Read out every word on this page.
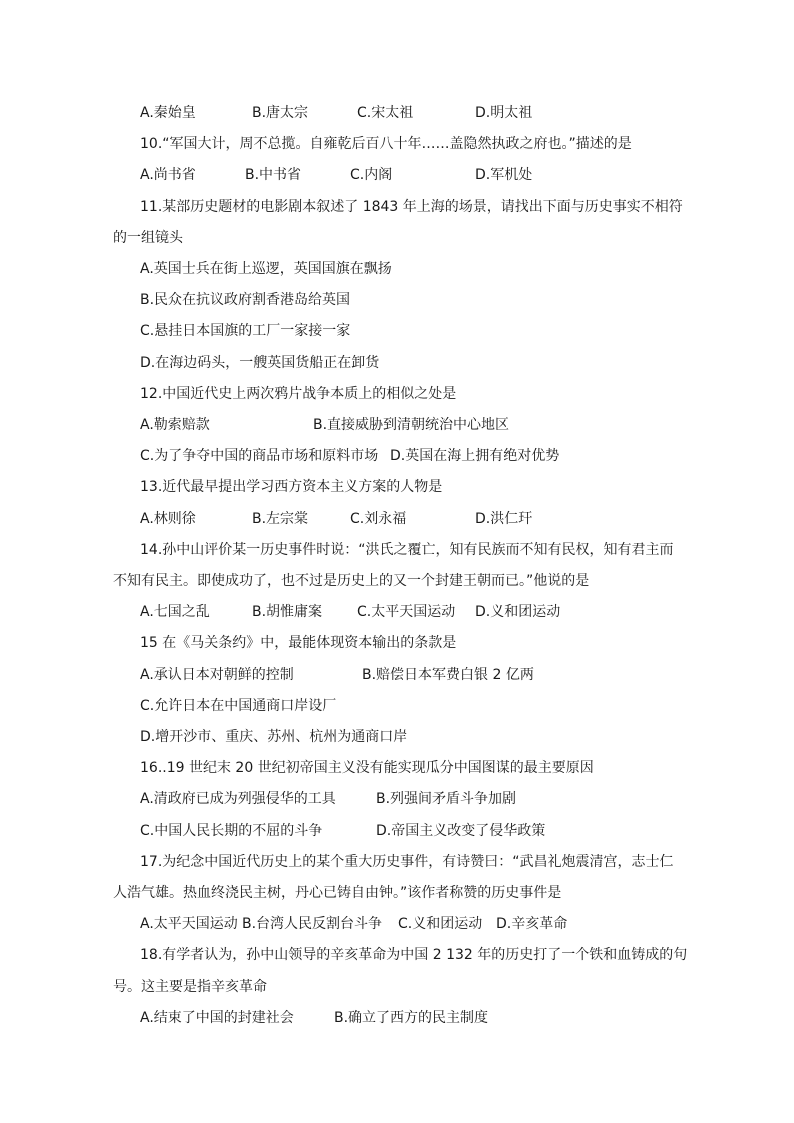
A.秦始皇	B.唐太宗	C.宋太祖	D.明太祖
10.“军国大计，周不总揽。自雍乾后百八十年……盖隐然执政之府也。”描述的是
A.尚书省	B.中书省	C.内阁	D.军机处
11.某部历史题材的电影剧本叙述了 1843 年上海的场景，请找出下面与历史事实不相符
的一组镜头
A.英国士兵在街上巡逻，英国国旗在飘扬
B.民众在抗议政府割香港岛给英国
C.悬挂日本国旗的工厂一家接一家
D.在海边码头，一艘英国货船正在卸货
12.中国近代史上两次鸦片战争本质上的相似之处是
A.勒索赔款	B.直接威胁到清朝统治中心地区
C.为了争夺中国的商品市场和原料市场 D.英国在海上拥有绝对优势
13.近代最早提出学习西方资本主义方案的人物是
A.林则徐	B.左宗棠	C.刘永福	D.洪仁玕
14.孙中山评价某一历史事件时说：“洪氏之覆亡，知有民族而不知有民权，知有君主而
不知有民主。即使成功了，也不过是历史上的又一个封建王朝而已。”他说的是
A.七国之乱	B.胡惟庸案 C.太平天国运动 D.义和团运动
15 在《马关条约》中，最能体现资本输出的条款是
A.承认日本对朝鲜的控制	B.赔偿日本军费白银 2 亿两
C.允许日本在中国通商口岸设厂
D.增开沙市、重庆、苏州、杭州为通商口岸
16..19 世纪末 20 世纪初帝国主义没有能实现瓜分中国图谋的最主要原因
A.清政府已成为列强侵华的工具	B.列强间矛盾斗争加剧
C.中国人民长期的不屈的斗争	D.帝国主义改变了侵华政策
17.为纪念中国近代历史上的某个重大历史事件，有诗赞曰：“武昌礼炮震清宫，志士仁
人浩气雄。热血终浇民主树，丹心已铸自由钟。”该作者称赞的历史事件是
A.太平天国运动 B.台湾人民反割台斗争 C.义和团运动 D.辛亥革命
18.有学者认为，孙中山领导的辛亥革命为中国 2 132 年的历史打了一个铁和血铸成的句
号。这主要是指辛亥革命
A.结束了中国的封建社会	B.确立了西方的民主制度
